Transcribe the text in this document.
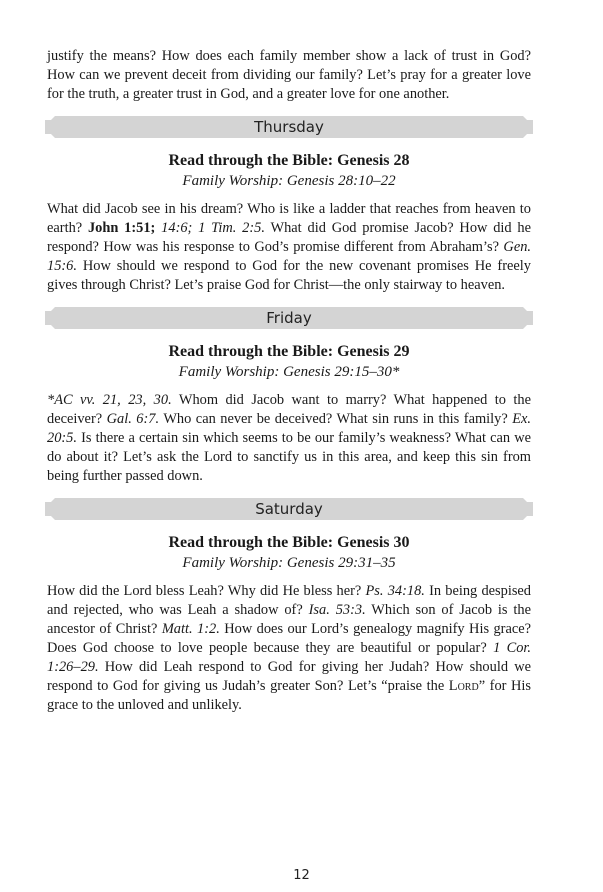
justify the means? How does each family member show a lack of trust in God? How can we prevent deceit from dividing our family? Let’s pray for a greater love for the truth, a greater trust in God, and a greater love for one another.

Thursday

Read through the Bible: Genesis 28

Family Worship: Genesis 28:10–22

What did Jacob see in his dream? Who is like a ladder that reaches from heaven to earth? John 1:51; 14:6; 1 Tim. 2:5. What did God promise Jacob? How did he respond? How was his response to God’s promise different from Abraham’s? Gen. 15:6. How should we respond to God for the new covenant promises He freely gives through Christ? Let’s praise God for Christ—the only stairway to heaven.

Friday

Read through the Bible: Genesis 29

Family Worship: Genesis 29:15–30*

*AC vv. 21, 23, 30. Whom did Jacob want to marry? What happened to the deceiver? Gal. 6:7. Who can never be deceived? What sin runs in this family? Ex. 20:5. Is there a certain sin which seems to be our family’s weakness? What can we do about it? Let’s ask the Lord to sanctify us in this area, and keep this sin from being further passed down.

Saturday

Read through the Bible: Genesis 30

Family Worship: Genesis 29:31–35

How did the Lord bless Leah? Why did He bless her? Ps. 34:18. In being despised and rejected, who was Leah a shadow of? Isa. 53:3. Which son of Jacob is the ancestor of Christ? Matt. 1:2. How does our Lord’s genealogy magnify His grace? Does God choose to love people because they are beautiful or popular? 1 Cor. 1:26–29. How did Leah respond to God for giving her Judah? How should we respond to God for giving us Judah’s greater Son? Let’s “praise the Lord” for His grace to the unloved and unlikely.

12
